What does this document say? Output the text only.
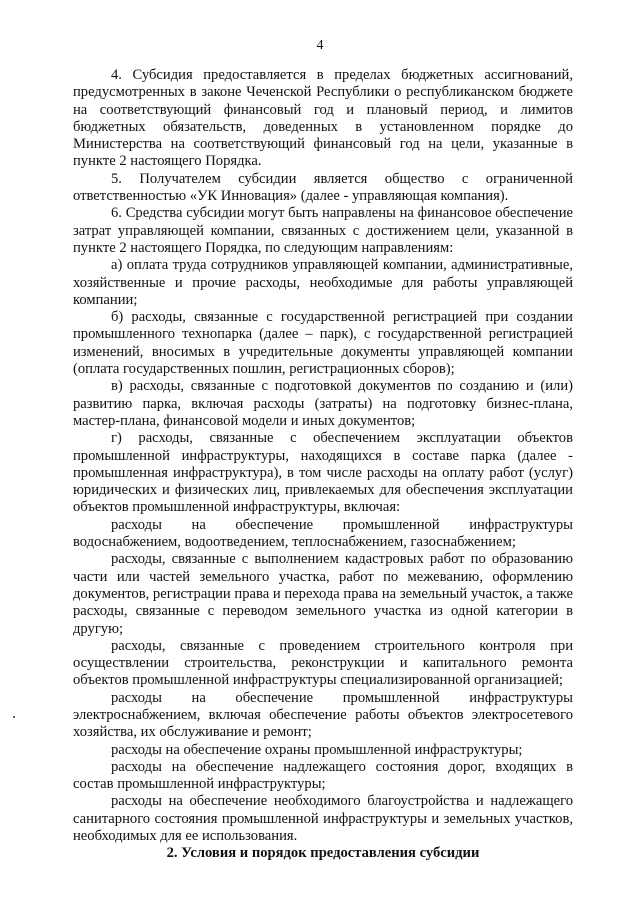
4

4. Субсидия предоставляется в пределах бюджетных ассигнований, предусмотренных в законе Чеченской Республики о республиканском бюджете на соответствующий финансовый год и плановый период, и лимитов бюджетных обязательств, доведенных в установленном порядке до Министерства на соответствующий финансовый год на цели, указанные в пункте 2 настоящего Порядка.

5. Получателем субсидии является общество с ограниченной ответственностью «УК Инновация» (далее - управляющая компания).

6. Средства субсидии могут быть направлены на финансовое обеспечение затрат управляющей компании, связанных с достижением цели, указанной в пункте 2 настоящего Порядка, по следующим направлениям:

а) оплата труда сотрудников управляющей компании, административные, хозяйственные и прочие расходы, необходимые для работы управляющей компании;

б) расходы, связанные с государственной регистрацией при создании промышленного технопарка (далее – парк), с государственной регистрацией изменений, вносимых в учредительные документы управляющей компании (оплата государственных пошлин, регистрационных сборов);

в) расходы, связанные с подготовкой документов по созданию и (или) развитию парка, включая расходы (затраты) на подготовку бизнес-плана, мастер-плана, финансовой модели и иных документов;

г) расходы, связанные с обеспечением эксплуатации объектов промышленной инфраструктуры, находящихся в составе парка (далее - промышленная инфраструктура), в том числе расходы на оплату работ (услуг) юридических и физических лиц, привлекаемых для обеспечения эксплуатации объектов промышленной инфраструктуры, включая:

расходы на обеспечение промышленной инфраструктуры водоснабжением, водоотведением, теплоснабжением, газоснабжением;

расходы, связанные с выполнением кадастровых работ по образованию части или частей земельного участка, работ по межеванию, оформлению документов, регистрации права и перехода права на земельный участок, а также расходы, связанные с переводом земельного участка из одной категории в другую;

расходы, связанные с проведением строительного контроля при осуществлении строительства, реконструкции и капитального ремонта объектов промышленной инфраструктуры специализированной организацией;

расходы на обеспечение промышленной инфраструктуры электроснабжением, включая обеспечение работы объектов электросетевого хозяйства, их обслуживание и ремонт;

расходы на обеспечение охраны промышленной инфраструктуры;

расходы на обеспечение надлежащего состояния дорог, входящих в состав промышленной инфраструктуры;

расходы на обеспечение необходимого благоустройства и надлежащего санитарного состояния промышленной инфраструктуры и земельных участков, необходимых для ее использования.

2. Условия и порядок предоставления субсидии
